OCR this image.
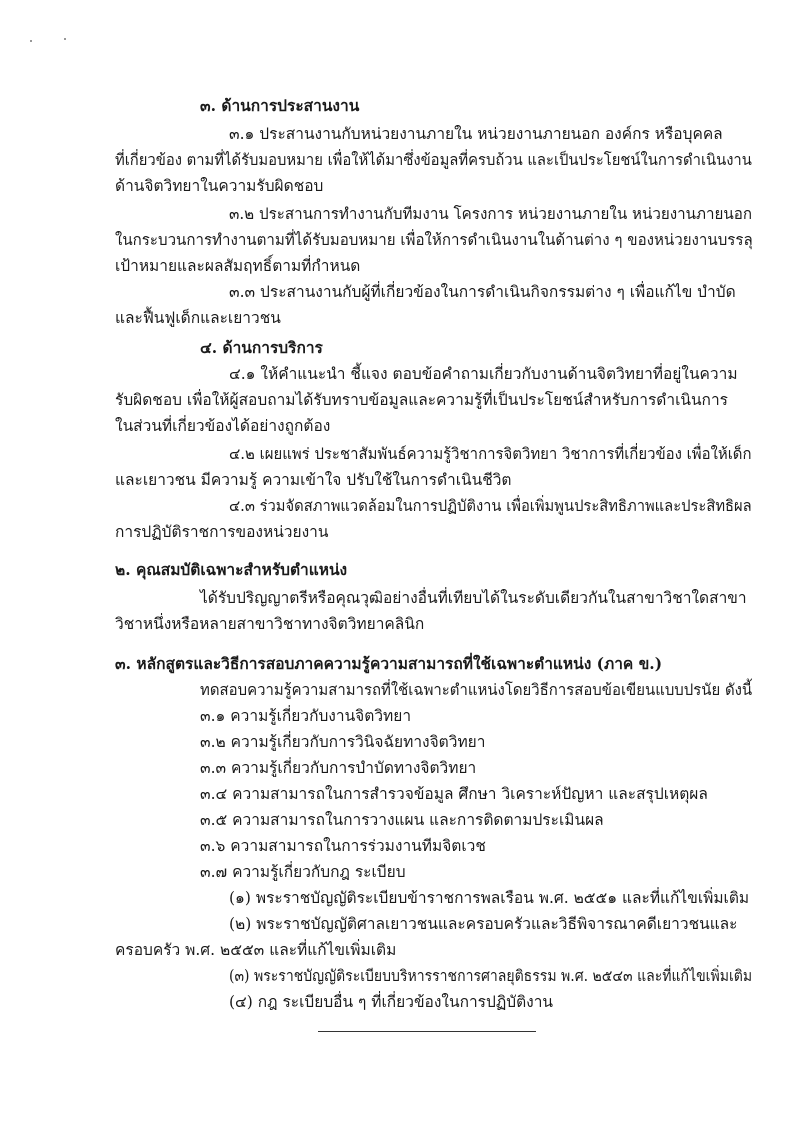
๓. ด้านการประสานงาน
๓.๑ ประสานงานกับหน่วยงานภายใน หน่วยงานภายนอก องค์กร หรือบุคคล
ที่เกี่ยวข้อง ตามที่ได้รับมอบหมาย เพื่อให้ได้มาซึ่งข้อมูลที่ครบถ้วน และเป็นประโยชน์ในการดำเนินงาน
ด้านจิตวิทยาในความรับผิดชอบ
๓.๒ ประสานการทำงานกับทีมงาน โครงการ หน่วยงานภายใน หน่วยงานภายนอก
ในกระบวนการทำงานตามที่ได้รับมอบหมาย เพื่อให้การดำเนินงานในด้านต่าง ๆ ของหน่วยงานบรรลุ
เป้าหมายและผลสัมฤทธิ์ตามที่กำหนด
๓.๓ ประสานงานกับผู้ที่เกี่ยวข้องในการดำเนินกิจกรรมต่าง ๆ เพื่อแก้ไข บำบัด
และฟื้นฟูเด็กและเยาวชน
๔. ด้านการบริการ
๔.๑ ให้คำแนะนำ ชี้แจง ตอบข้อคำถามเกี่ยวกับงานด้านจิตวิทยาที่อยู่ในความ
รับผิดชอบ เพื่อให้ผู้สอบถามได้รับทราบข้อมูลและความรู้ที่เป็นประโยชน์สำหรับการดำเนินการ
ในส่วนที่เกี่ยวข้องได้อย่างถูกต้อง
๔.๒ เผยแพร่ ประชาสัมพันธ์ความรู้วิชาการจิตวิทยา วิชาการที่เกี่ยวข้อง เพื่อให้เด็ก
และเยาวชน มีความรู้ ความเข้าใจ ปรับใช้ในการดำเนินชีวิต
๔.๓ ร่วมจัดสภาพแวดล้อมในการปฏิบัติงาน เพื่อเพิ่มพูนประสิทธิภาพและประสิทธิผล
การปฏิบัติราชการของหน่วยงาน
๒. คุณสมบัติเฉพาะสำหรับตำแหน่ง
ได้รับปริญญาตรีหรือคุณวุฒิอย่างอื่นที่เทียบได้ในระดับเดียวกันในสาขาวิชาใดสาขา
วิชาหนึ่งหรือหลายสาขาวิชาทางจิตวิทยาคลินิก
๓. หลักสูตรและวิธีการสอบภาคความรู้ความสามารถที่ใช้เฉพาะตำแหน่ง (ภาค ข.)
ทดสอบความรู้ความสามารถที่ใช้เฉพาะตำแหน่งโดยวิธีการสอบข้อเขียนแบบปรนัย ดังนี้
๓.๑ ความรู้เกี่ยวกับงานจิตวิทยา
๓.๒ ความรู้เกี่ยวกับการวินิจฉัยทางจิตวิทยา
๓.๓ ความรู้เกี่ยวกับการบำบัดทางจิตวิทยา
๓.๔ ความสามารถในการสำรวจข้อมูล ศึกษา วิเคราะห์ปัญหา และสรุปเหตุผล
๓.๕ ความสามารถในการวางแผน และการติดตามประเมินผล
๓.๖ ความสามารถในการร่วมงานทีมจิตเวช
๓.๗ ความรู้เกี่ยวกับกฎ ระเบียบ
(๑) พระราชบัญญัติระเบียบข้าราชการพลเรือน พ.ศ. ๒๕๕๑ และที่แก้ไขเพิ่มเติม
(๒) พระราชบัญญัติศาลเยาวชนและครอบครัวและวิธีพิจารณาคดีเยาวชนและ
ครอบครัว พ.ศ. ๒๕๕๓ และที่แก้ไขเพิ่มเติม
(๓) พระราชบัญญัติระเบียบบริหารราชการศาลยุติธรรม พ.ศ. ๒๕๔๓ และที่แก้ไขเพิ่มเติม
(๔) กฎ ระเบียบอื่น ๆ ที่เกี่ยวข้องในการปฏิบัติงาน
